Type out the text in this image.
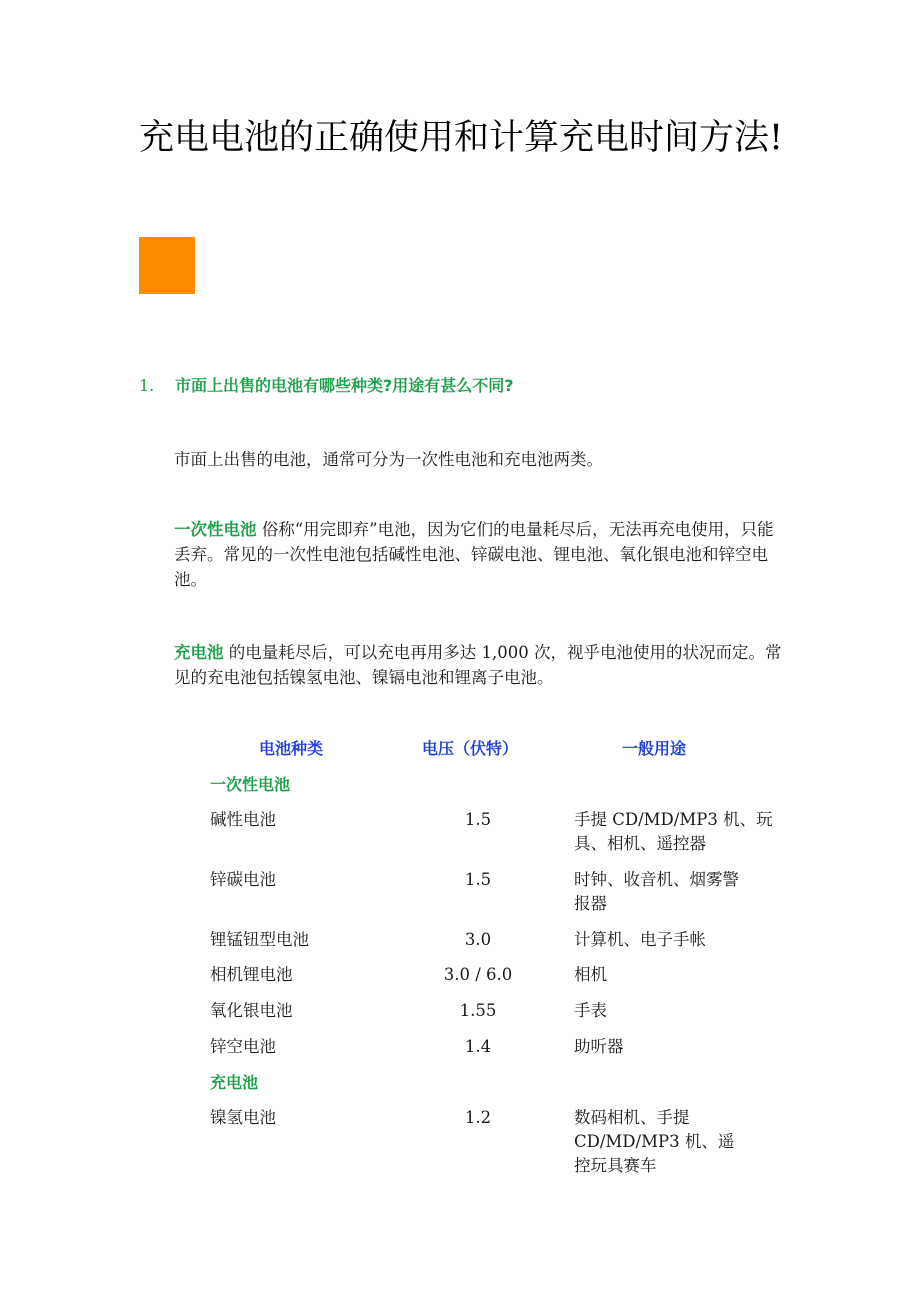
充电电池的正确使用和计算充电时间方法!
1. 市面上出售的电池有哪些种类?用途有甚么不同?

市面上出售的电池，通常可分为一次性电池和充电池两类。

一次性电池 俗称“用完即弃”电池，因为它们的电量耗尽后，无法再充电使用，只能丢弃。常见的一次性电池包括碱性电池、锌碳电池、锂电池、氧化银电池和锌空电池。

充电池 的电量耗尽后，可以充电再用多达 1,000 次，视乎电池使用的状况而定。常见的充电池包括镍氢电池、镍镉电池和锂离子电池。

电池种类	电压（伏特）	一般用途
一次性电池
碱性电池	1.5	手提 CD/MD/MP3 机、玩具、相机、遥控器
锌碳电池	1.5	时钟、收音机、烟雾警报器
锂锰钮型电池	3.0	计算机、电子手帐
相机锂电池	3.0 / 6.0	相机
氧化银电池	1.55	手表
锌空电池	1.4	助听器
充电池
镍氢电池	1.2	数码相机、手提 CD/MD/MP3 机、遥控玩具赛车
